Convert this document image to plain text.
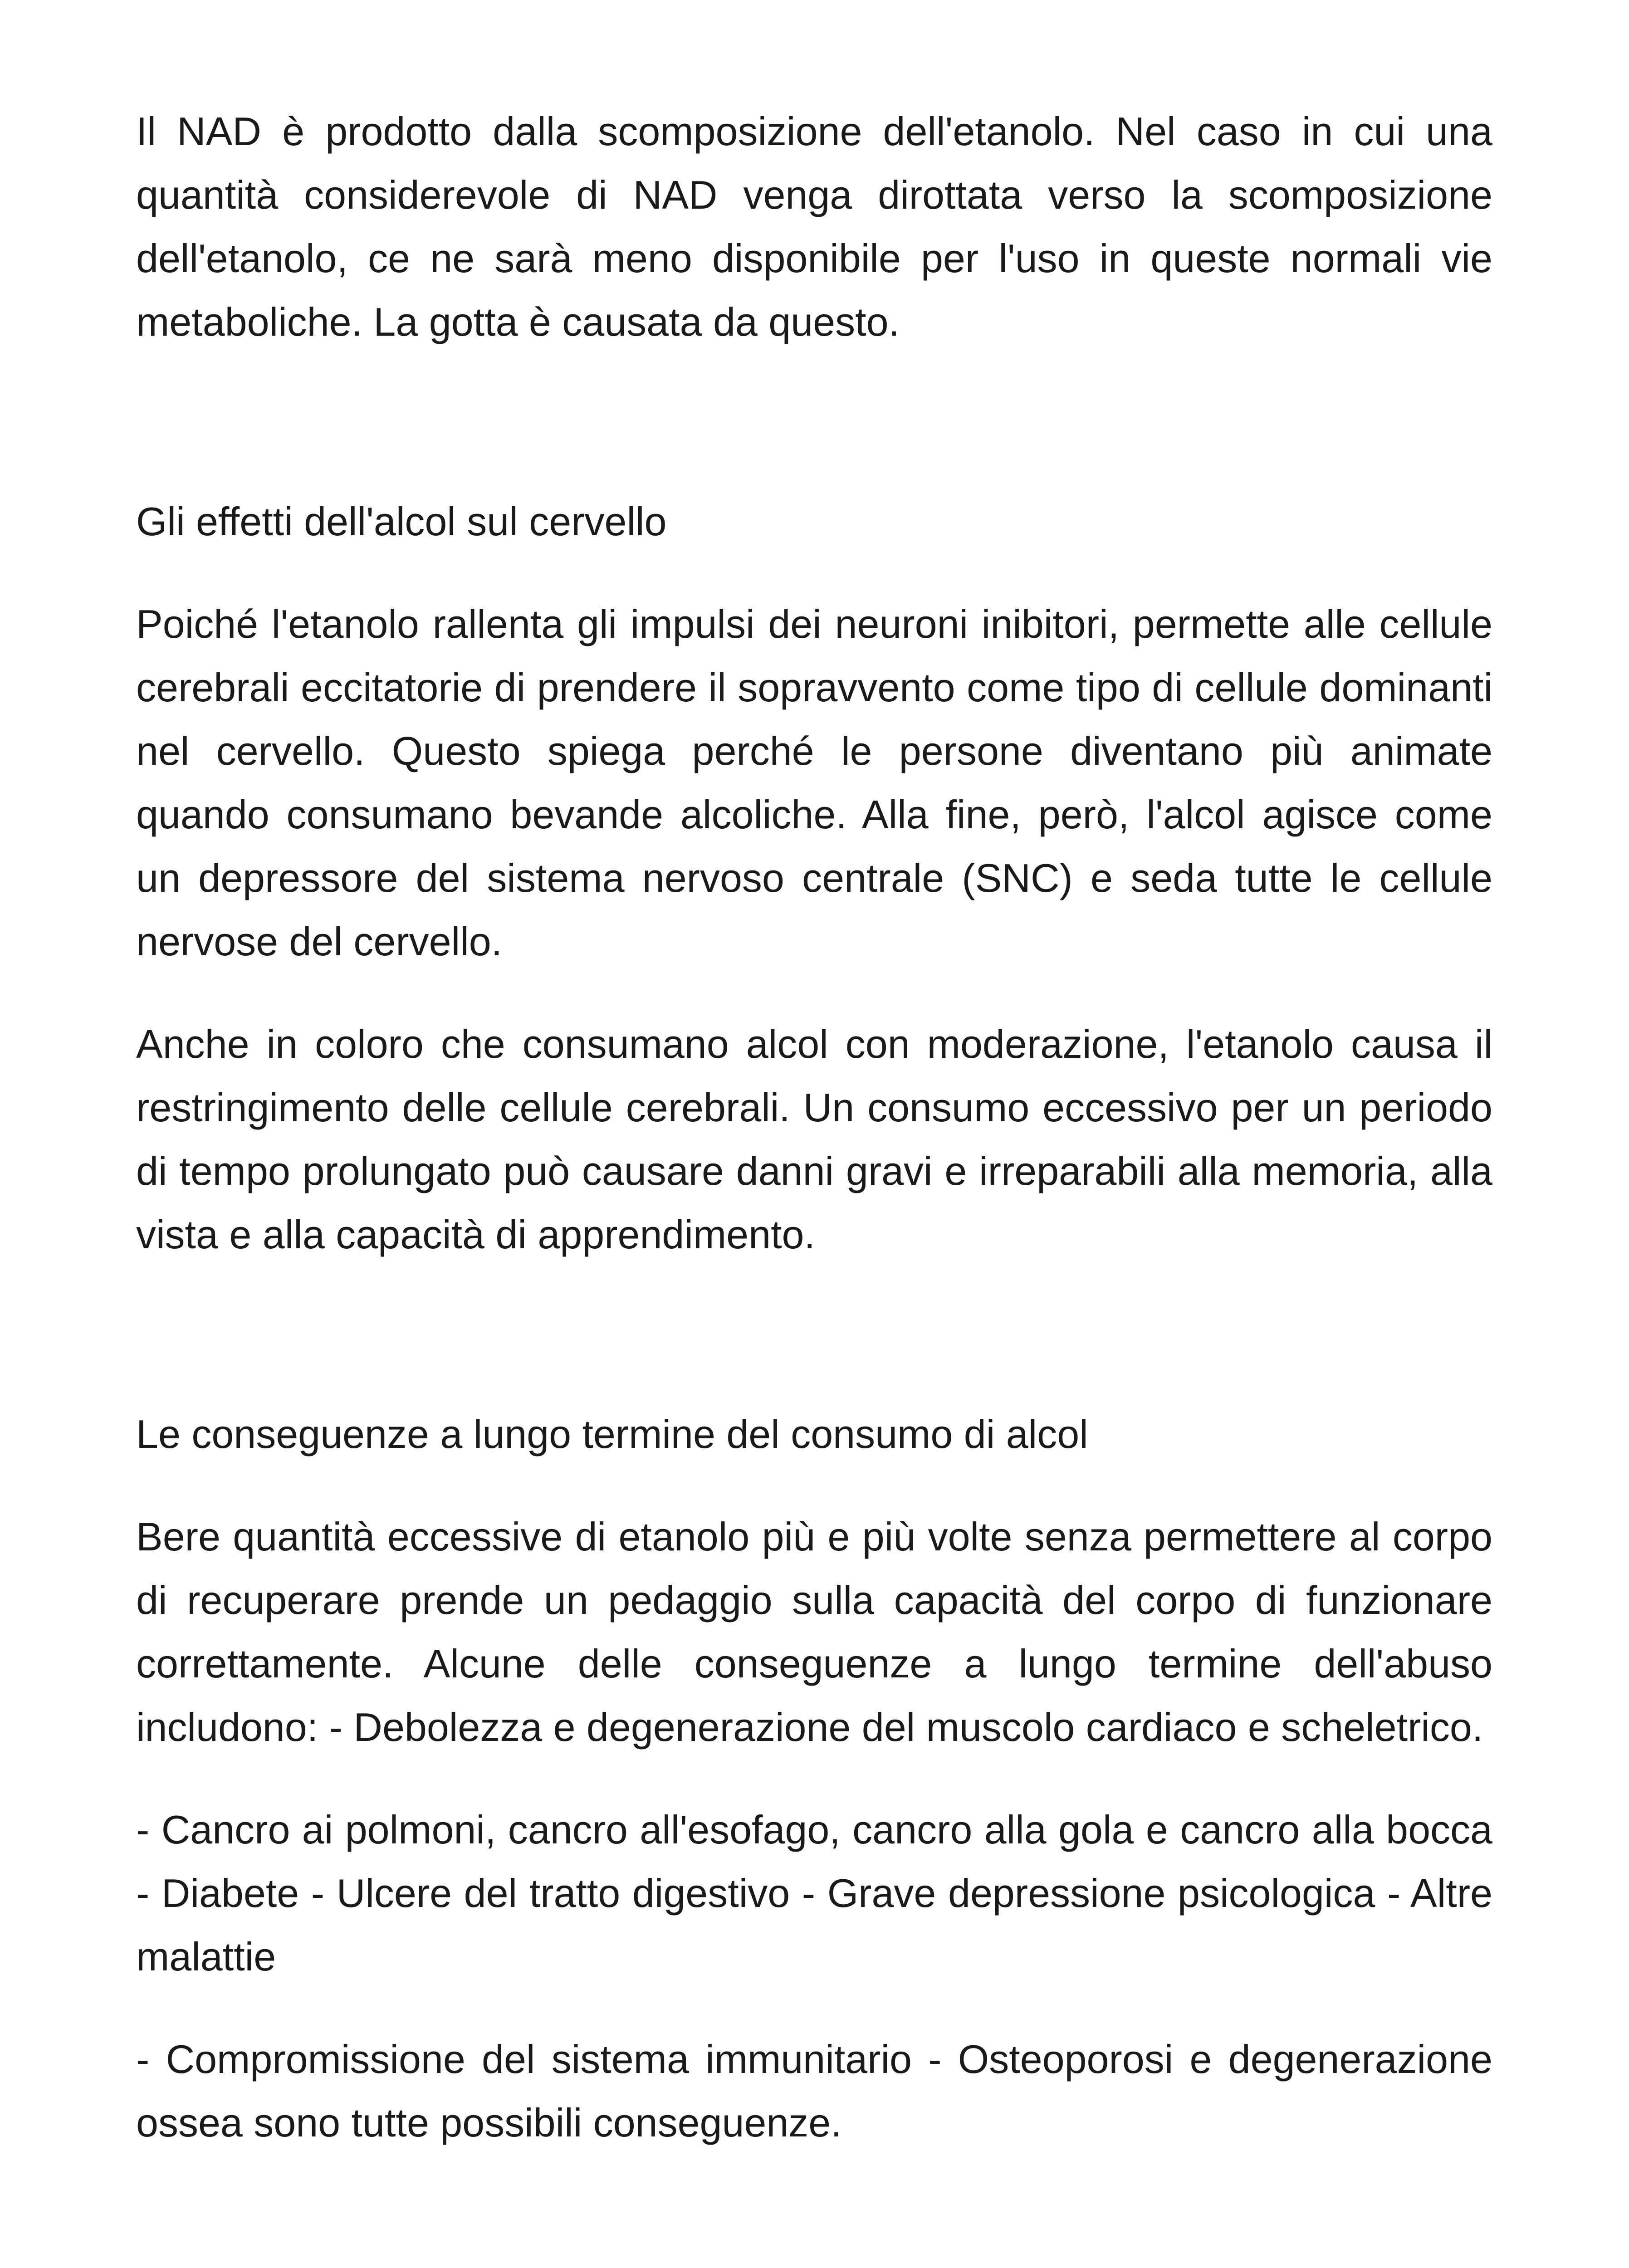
Il NAD è prodotto dalla scomposizione dell'etanolo. Nel caso in cui una quantità considerevole di NAD venga dirottata verso la scomposizione dell'etanolo, ce ne sarà meno disponibile per l'uso in queste normali vie metaboliche. La gotta è causata da questo.

Gli effetti dell'alcol sul cervello

Poiché l'etanolo rallenta gli impulsi dei neuroni inibitori, permette alle cellule cerebrali eccitatorie di prendere il sopravvento come tipo di cellule dominanti nel cervello. Questo spiega perché le persone diventano più animate quando consumano bevande alcoliche. Alla fine, però, l'alcol agisce come un depressore del sistema nervoso centrale (SNC) e seda tutte le cellule nervose del cervello.

Anche in coloro che consumano alcol con moderazione, l'etanolo causa il restringimento delle cellule cerebrali. Un consumo eccessivo per un periodo di tempo prolungato può causare danni gravi e irreparabili alla memoria, alla vista e alla capacità di apprendimento.

Le conseguenze a lungo termine del consumo di alcol

Bere quantità eccessive di etanolo più e più volte senza permettere al corpo di recuperare prende un pedaggio sulla capacità del corpo di funzionare correttamente. Alcune delle conseguenze a lungo termine dell'abuso includono: - Debolezza e degenerazione del muscolo cardiaco e scheletrico.

- Cancro ai polmoni, cancro all'esofago, cancro alla gola e cancro alla bocca - Diabete - Ulcere del tratto digestivo - Grave depressione psicologica - Altre malattie

- Compromissione del sistema immunitario - Osteoporosi e degenerazione ossea sono tutte possibili conseguenze.
